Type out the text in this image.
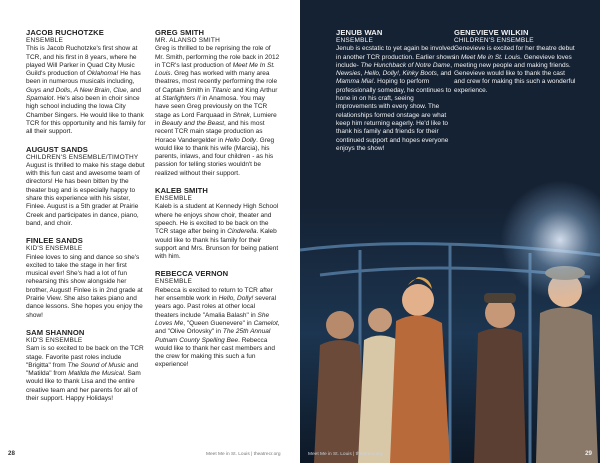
JACOB RUCHOTZKE
ENSEMBLE

This is Jacob Ruchotzke's first show at TCR, and his first in 8 years, where he played Will Parker in Quad City Music Guild's production of Oklahoma! He has been in numerous musicals including, Guys and Dolls, A New Brain, Clue, and Spamalot. He's also been in choir since high school including the Iowa City Chamber Singers. He would like to thank TCR for this opportunity and his family for all their support.

AUGUST SANDS
CHILDREN'S ENSEMBLE/TIMOTHY

August is thrilled to make his stage debut with this fun cast and awesome team of directors! He has been bitten by the theater bug and is especially happy to share this experience with his sister, Finlee. August is a 5th grader at Prairie Creek and participates in dance, piano, band, and choir.

FINLEE SANDS
KID'S ENSEMBLE

Finlee loves to sing and dance so she's excited to take the stage in her first musical ever! She's had a lot of fun rehearsing this show alongside her brother, August! Finlee is in 2nd grade at Prairie View. She also takes piano and dance lessons. She hopes you enjoy the show!

SAM SHANNON
KID'S ENSEMBLE

Sam is so excited to be back on the TCR stage. Favorite past roles include "Brigitta" from The Sound of Music and "Matilda" from Matilda the Musical. Sam would like to thank Lisa and the entire creative team and her parents for all of their support. Happy Holidays!

GREG SMITH
MR. ALANSO SMITH

Greg is thrilled to be reprising the role of Mr. Smith, performing the role back in 2012 in TCR's last production of Meet Me In St. Louis. Greg has worked with many area theatres, most recently performing the role of Captain Smith in Titanic and King Arthur at Starlighters II in Anamosa. You may have seen Greg previously on the TCR stage as Lord Farquaad in Shrek, Lumiere in Beauty and the Beast, and his most recent TCR main stage production as Horace Vandergelder in Hello Dolly. Greg would like to thank his wife (Marcia), his parents, inlaws, and four children - as his passion for telling stories wouldn't be realized without their support.

KALEB SMITH
ENSEMBLE

Kaleb is a student at Kennedy High School where he enjoys show choir, theater and speech. He is excited to be back on the TCR stage after being in Cinderella. Kaleb would like to thank his family for their support and Mrs. Brunson for being patient with him.

REBECCA VERNON
ENSEMBLE

Rebecca is excited to return to TCR after her ensemble work in Hello, Dolly! several years ago. Past roles at other local theaters include "Amalia Balash" in She Loves Me, "Queen Guenevere" in Camelot, and "Olive Orlovsky" in The 25th Annual Putnam County Spelling Bee. Rebecca would like to thank her cast members and the crew for making this such a fun experience!

28	Meet Me in St. Louis | theatrecr.org
JENUB WAN
ENSEMBLE

Jenub is ecstatic to yet again be involved in another TCR production. Earlier shows include- The Hunchback of Notre Dame, Newsies, Hello, Dolly!, Kinky Boots, and Mamma Mia!. Hoping to perform professionally someday, he continues to hone in on his craft, seeing improvements with every show. The relationships formed onstage are what keep him returning eagerly. He'd like to thank his family and friends for their continued support and hopes everyone enjoys the show!

GENEVIEVE WILKIN
CHILDREN'S ENSEMBLE

Genevieve is excited for her theatre debut in Meet Me in St. Louis. Genevieve loves meeting new people and making friends. Genevieve would like to thank the cast and crew for making this such a wonderful experience.

Meet Me in St. Louis | theatrecr.org	29
